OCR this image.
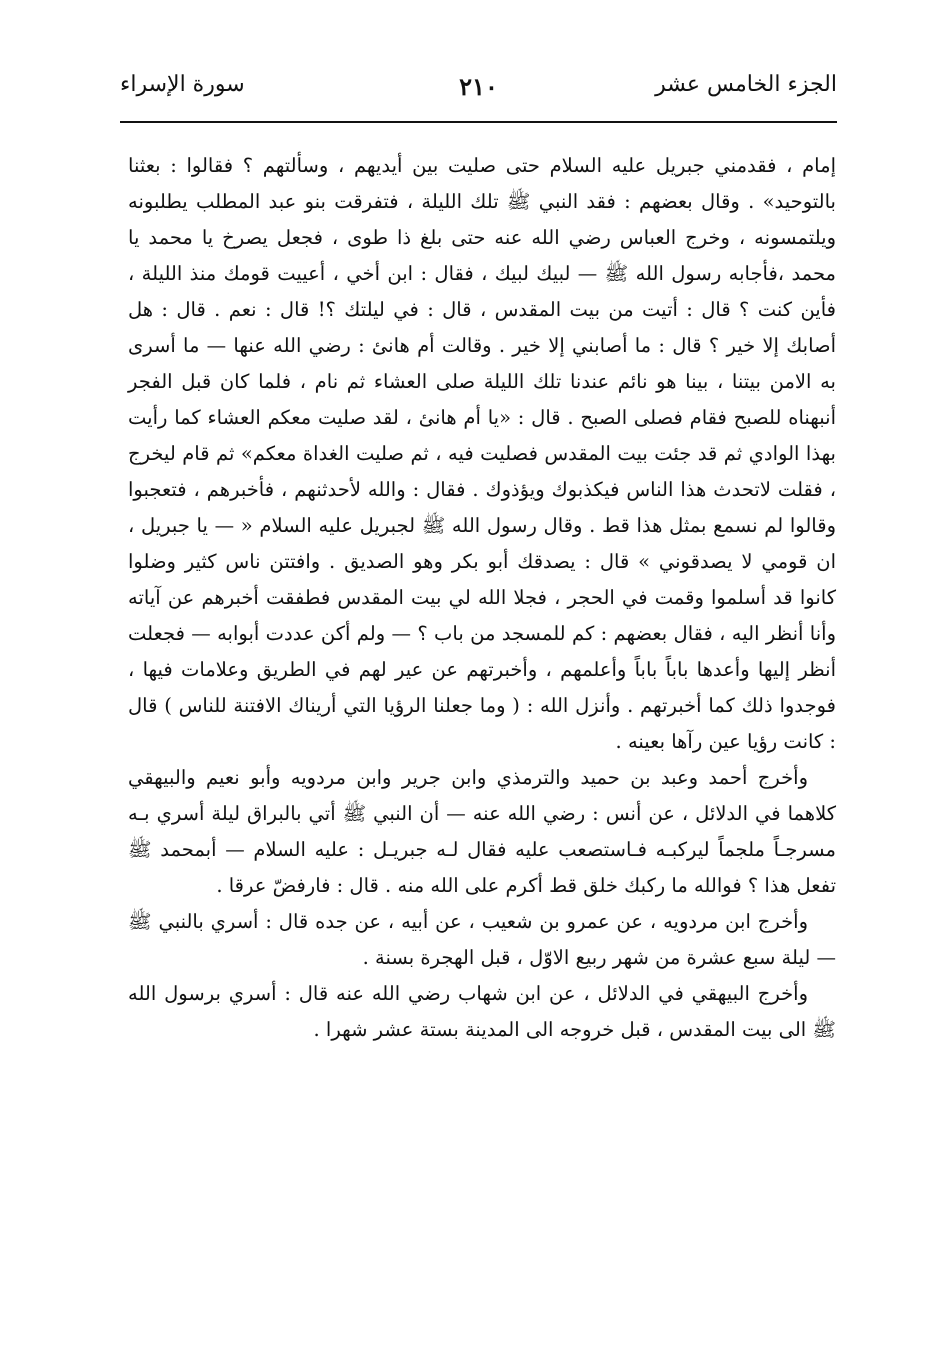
الجزء الخامس عشر
٢١٠
سورة الإسراء

إمام ، فقدمني جبريل عليه السلام حتى صليت بين أيديهم ، وسألتهم ؟ فقالوا : بعثنا بالتوحيد» . وقال بعضهم : فقد النبي ﷺ تلك الليلة ، فتفرقت بنو عبد المطلب يطلبونه ويلتمسونه ، وخرج العباس رضي الله عنه حتى بلغ ذا طوى ، فجعل يصرخ يا محمد يا محمد ،فأجابه رسول الله ﷺ — لبيك لبيك ، فقال : ابن أخي ، أعييت قومك منذ الليلة ، فأين كنت ؟ قال : أتيت من بيت المقدس ، قال : في ليلتك ؟! قال : نعم . قال : هل أصابك إلا خير ؟ قال : ما أصابني إلا خير . وقالت أم هانئ : رضي الله عنها — ما أسرى به الامن بيتنا ، بينا هو نائم عندنا تلك الليلة صلى العشاء ثم نام ، فلما كان قبل الفجر أنبهناه للصبح فقام فصلى الصبح . قال : «يا أم هانئ ، لقد صليت معكم العشاء كما رأيت بهذا الوادي ثم قد جئت بيت المقدس فصليت فيه ، ثم صليت الغداة معكم» ثم قام ليخرج ، فقلت لاتحدث هذا الناس فيكذبوك ويؤذوك . فقال : والله لأحدثنهم ، فأخبرهم ، فتعجبوا وقالوا لم نسمع بمثل هذا قط . وقال رسول الله ﷺ لجبريل عليه السلام « — يا جبريل ، ان قومي لا يصدقوني » قال : يصدقك أبو بكر وهو الصديق . وافتتن ناس كثير وضلوا كانوا قد أسلموا وقمت في الحجر ، فجلا الله لي بيت المقدس فطفقت أخبرهم عن آياته وأنا أنظر اليه ، فقال بعضهم : كم للمسجد من باب ؟ — ولم أكن عددت أبوابه — فجعلت أنظر إليها وأعدها باباً باباً وأعلمهم ، وأخبرتهم عن عير لهم في الطريق وعلامات فيها ، فوجدوا ذلك كما أخبرتهم . وأنزل الله : ( وما جعلنا الرؤيا التي أريناك الافتنة للناس ) قال : كانت رؤيا عين رآها بعينه .

وأخرج أحمد وعبد بن حميد والترمذي وابن جرير وابن مردويه وأبو نعيم والبيهقي كلاهما في الدلائل ، عن أنس : رضي الله عنه — أن النبي ﷺ أتي بالبراق ليلة أسري بـه مسرجـاً ملجماً ليركبـه فـاستصعب عليه فقال لـه جبريـل : عليه السلام — أبمحمد ﷺ تفعل هذا ؟ فوالله ما ركبك خلق قط أكرم على الله منه . قال : فارفضّ عرقا .

وأخرج ابن مردويه ، عن عمرو بن شعيب ، عن أبيه ، عن جده قال : أسري بالنبي ﷺ — ليلة سبع عشرة من شهر ربيع الاوّل ، قبل الهجرة بسنة .

وأخرج البيهقي في الدلائل ، عن ابن شهاب رضي الله عنه قال : أسري برسول الله ﷺ الى بيت المقدس ، قبل خروجه الى المدينة بستة عشر شهرا .
